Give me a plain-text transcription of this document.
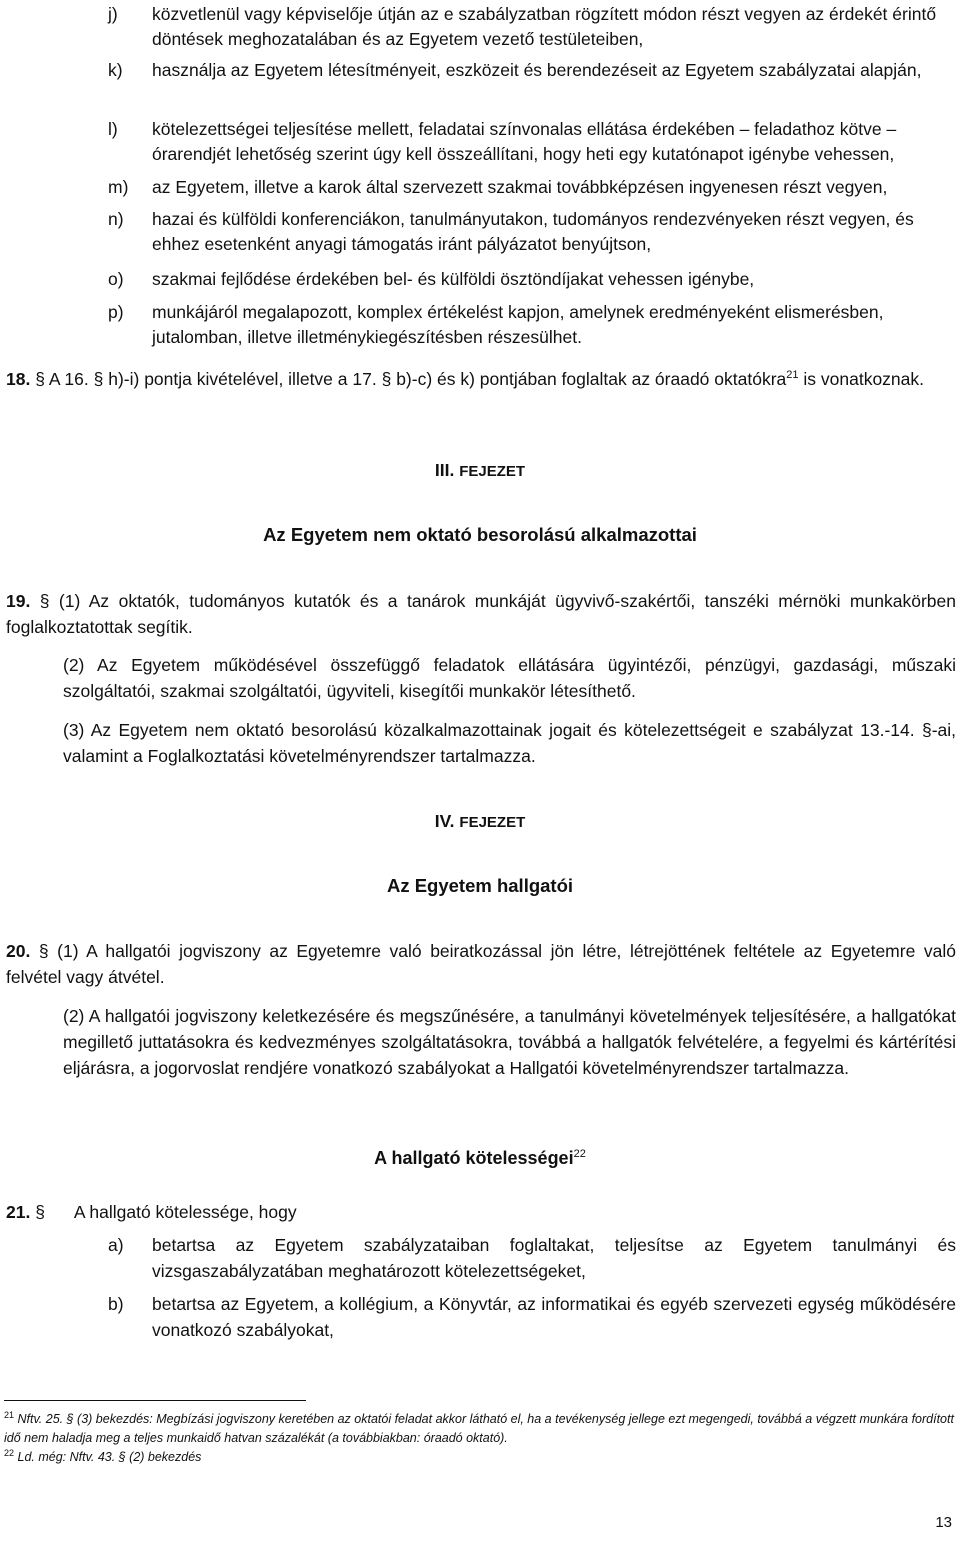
j) közvetlenül vagy képviselője útján az e szabályzatban rögzített módon részt vegyen az érdekét érintő döntések meghozatalában és az Egyetem vezető testületeiben,
k) használja az Egyetem létesítményeit, eszközeit és berendezéseit az Egyetem szabályzatai alapján,
l) kötelezettségei teljesítése mellett, feladatai színvonalas ellátása érdekében – feladathoz kötve – órarendjét lehetőség szerint úgy kell összeállítani, hogy heti egy kutatónapot igénybe vehessen,
m) az Egyetem, illetve a karok által szervezett szakmai továbbképzésen ingyenesen részt vegyen,
n) hazai és külföldi konferenciákon, tanulmányutakon, tudományos rendezvényeken részt vegyen, és ehhez esetenként anyagi támogatás iránt pályázatot benyújtson,
o) szakmai fejlődése érdekében bel- és külföldi ösztöndíjakat vehessen igénybe,
p) munkájáról megalapozott, komplex értékelést kapjon, amelynek eredményeként elismerésben, jutalomban, illetve illetménykiegészítésben részesülhet.
18. § A 16. § h)-i) pontja kivételével, illetve a 17. § b)-c) és k) pontjában foglaltak az óraadó oktatókra$^{21}$ is vonatkoznak.
III. FEJEZET
Az Egyetem nem oktató besorolású alkalmazottai
19. § (1) Az oktatók, tudományos kutatók és a tanárok munkáját ügyvivő-szakértői, tanszéki mérnöki munkakörben foglalkoztatottak segítik.
(2) Az Egyetem működésével összefüggő feladatok ellátására ügyintézői, pénzügyi, gazdasági, műszaki szolgáltatói, szakmai szolgáltatói, ügyviteli, kisegítői munkakör létesíthető.
(3) Az Egyetem nem oktató besorolású közalkalmazottainak jogait és kötelezettségeit e szabályzat 13.-14. §-ai, valamint a Foglalkoztatási követelményrendszer tartalmazza.
IV. FEJEZET
Az Egyetem hallgatói
20. § (1) A hallgatói jogviszony az Egyetemre való beiratkozással jön létre, létrejöttének feltétele az Egyetemre való felvétel vagy átvétel.
(2) A hallgatói jogviszony keletkezésére és megszűnésére, a tanulmányi követelmények teljesítésére, a hallgatókat megillető juttatásokra és kedvezményes szolgáltatásokra, továbbá a hallgatók felvételére, a fegyelmi és kártérítési eljárásra, a jogorvoslat rendjére vonatkozó szabályokat a Hallgatói követelményrendszer tartalmazza.
A hallgató kötelességei$^{22}$
21. § A hallgató kötelessége, hogy
a) betartsa az Egyetem szabályzataiban foglaltakat, teljesítse az Egyetem tanulmányi és vizsgaszabályzatában meghatározott kötelezettségeket,
b) betartsa az Egyetem, a kollégium, a Könyvtár, az informatikai és egyéb szervezeti egység működésére vonatkozó szabályokat,
$^{21}$ Nftv. 25. § (3) bekezdés: Megbízási jogviszony keretében az oktatói feladat akkor látható el, ha a tevékenység jellege ezt megengedi, továbbá a végzett munkára fordított idő nem haladja meg a teljes munkaidő hatvan százalékát (a továbbiakban: óraadó oktató).
$^{22}$ Ld. még: Nftv. 43. § (2) bekezdés
13
